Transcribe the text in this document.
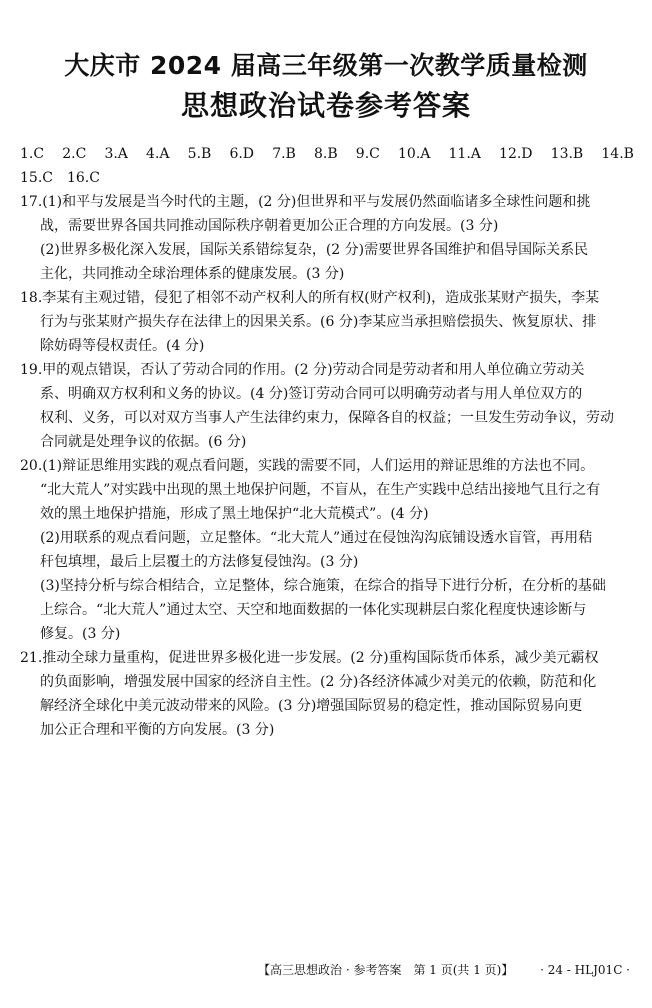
大庆市 2024 届高三年级第一次教学质量检测
思想政治试卷参考答案
1.C 2.C 3.A 4.A 5.B 6.D 7.B 8.B 9.C 10.A 11.A 12.D 13.B 14.B
15.C 16.C
17.(1)和平与发展是当今时代的主题，(2 分)但世界和平与发展仍然面临诸多全球性问题和挑
战，需要世界各国共同推动国际秩序朝着更加公正合理的方向发展。(3 分)
(2)世界多极化深入发展，国际关系错综复杂，(2 分)需要世界各国维护和倡导国际关系民
主化，共同推动全球治理体系的健康发展。(3 分)
18.李某有主观过错，侵犯了相邻不动产权利人的所有权(财产权利)，造成张某财产损失，李某
行为与张某财产损失存在法律上的因果关系。(6 分)李某应当承担赔偿损失、恢复原状、排
除妨碍等侵权责任。(4 分)
19.甲的观点错误，否认了劳动合同的作用。(2 分)劳动合同是劳动者和用人单位确立劳动关
系、明确双方权利和义务的协议。(4 分)签订劳动合同可以明确劳动者与用人单位双方的
权利、义务，可以对双方当事人产生法律约束力，保障各自的权益；一旦发生劳动争议，劳动
合同就是处理争议的依据。(6 分)
20.(1)辩证思维用实践的观点看问题，实践的需要不同，人们运用的辩证思维的方法也不同。
“北大荒人”对实践中出现的黑土地保护问题，不盲从，在生产实践中总结出接地气且行之有
效的黑土地保护措施，形成了黑土地保护“北大荒模式”。(4 分)
(2)用联系的观点看问题，立足整体。“北大荒人”通过在侵蚀沟沟底铺设透水盲管，再用秸
秆包填埋，最后上层覆土的方法修复侵蚀沟。(3 分)
(3)坚持分析与综合相结合，立足整体，综合施策，在综合的指导下进行分析，在分析的基础
上综合。“北大荒人”通过太空、天空和地面数据的一体化实现耕层白浆化程度快速诊断与
修复。(3 分)
21.推动全球力量重构，促进世界多极化进一步发展。(2 分)重构国际货币体系，减少美元霸权
的负面影响，增强发展中国家的经济自主性。(2 分)各经济体减少对美元的依赖，防范和化
解经济全球化中美元波动带来的风险。(3 分)增强国际贸易的稳定性，推动国际贸易向更
加公正合理和平衡的方向发展。(3 分)
【高三思想政治 · 参考答案　第 1 页(共 1 页)】 · 24 - HLJ01C ·
